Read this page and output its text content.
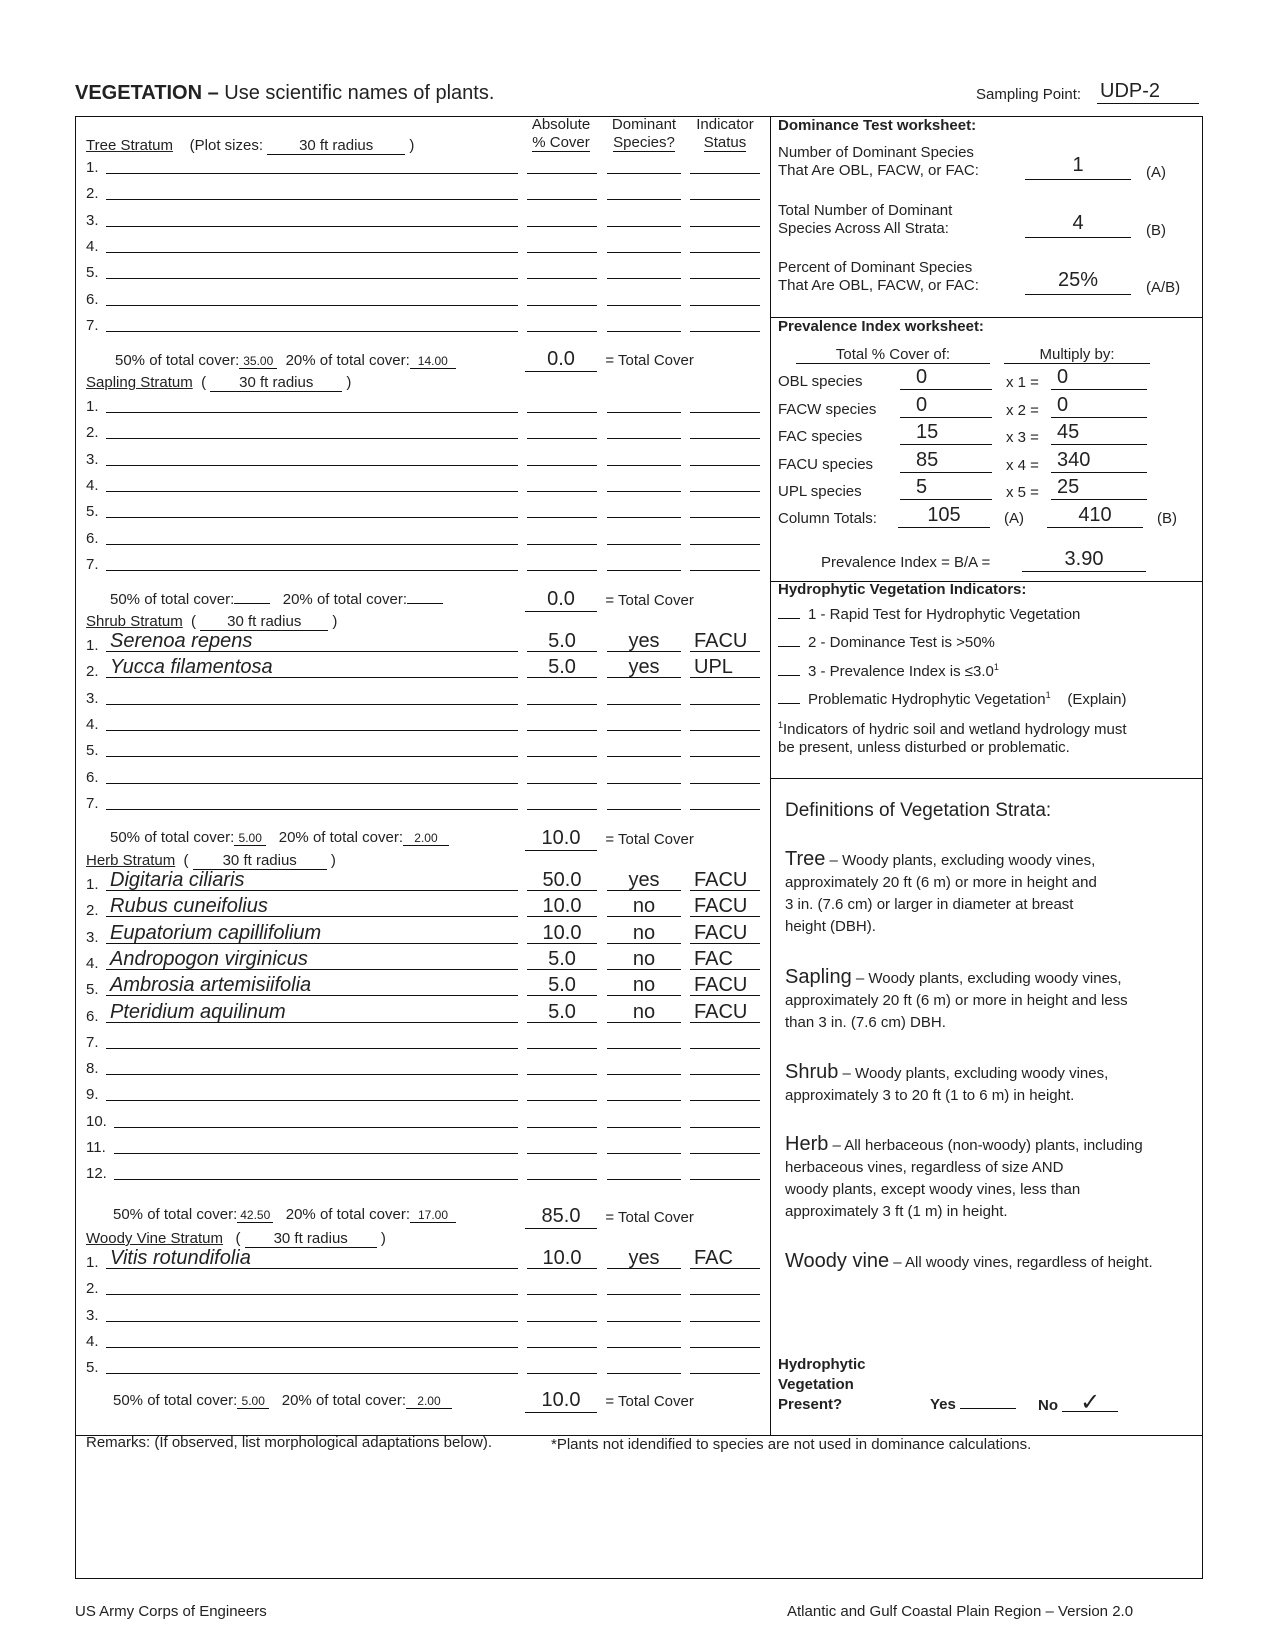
VEGETATION – Use scientific names of plants.	Sampling Point: UDP-2
Absolute
% Cover
Dominant
Species?
Indicator
Status
Tree Stratum (Plot sizes: 30 ft radius )
1.
2.
3.
4.
5.
6.
7.
50% of total cover: 35.00 20% of total cover: 14.00	0.0 = Total Cover
Sapling Stratum  ( 30 ft radius )
1.
2.
3.
4.
5.
6.
7.
50% of total cover:	20% of total cover:	0.0 = Total Cover
Shrub Stratum  ( 30 ft radius )
1. Serenoa repens	5.0	yes	FACU
2. Yucca filamentosa	5.0	yes	UPL
3.
4.
5.
6.
7.
50% of total cover: 5.00 20% of total cover: 2.00	10.0 = Total Cover
Herb Stratum  ( 30 ft radius )
1. Digitaria ciliaris	50.0	yes	FACU
2. Rubus cuneifolius	10.0	no	FACU
3. Eupatorium capillifolium	10.0	no	FACU
4. Andropogon virginicus	5.0	no	FAC
5. Ambrosia artemisiifolia	5.0	no	FACU
6. Pteridium aquilinum	5.0	no	FACU
7.
8.
9.
10.
11.
12.
50% of total cover: 42.50 20% of total cover: 17.00	85.0 = Total Cover
Woody Vine Stratum   ( 30 ft radius )
1. Vitis rotundifolia	10.0	yes	FAC
2.
3.
4.
5.
50% of total cover: 5.00 20% of total cover: 2.00	10.0 = Total Cover
Dominance Test worksheet:
Number of Dominant Species
That Are OBL, FACW, or FAC:	1	(A)
Total Number of Dominant
Species Across All Strata:	4	(B)
Percent of Dominant Species
That Are OBL, FACW, or FAC:	25%	(A/B)
Prevalence Index worksheet:
Total % Cover of:	Multiply by:
OBL species	0	x 1 = 0
FACW species	0	x 2 = 0
FAC species	15	x 3 = 45
FACU species	85	x 4 = 340
UPL species	5	x 5 = 25
Column Totals:	105	(A)	410	(B)
Prevalence Index = B/A =	3.90
Hydrophytic Vegetation Indicators:
1 - Rapid Test for Hydrophytic Vegetation
2 - Dominance Test is >50%
3 - Prevalence Index is $\le 3.0^1$
Problematic Hydrophytic Vegetation$^1$ (Explain)
$^1$Indicators of hydric soil and wetland hydrology must
be present, unless disturbed or problematic.
Definitions of Vegetation Strata:
Tree – Woody plants, excluding woody vines,
approximately 20 ft (6 m) or more in height and
3 in. (7.6 cm) or larger in diameter at breast
height (DBH).
Sapling – Woody plants, excluding woody vines,
approximately 20 ft (6 m) or more in height and less
than 3 in. (7.6 cm) DBH.
Shrub – Woody plants, excluding woody vines,
approximately 3 to 20 ft (1 to 6 m) in height.
Herb – All herbaceous (non-woody) plants, including
herbaceous vines, regardless of size AND
woody plants, except woody vines, less than
approximately 3 ft (1 m) in height.
Woody vine – All woody vines, regardless of height.
Hydrophytic
Vegetation
Present?	Yes	No ✓
Remarks: (If observed, list morphological adaptations below).	*Plants not idendified to species are not used in dominance calculations.
US Army Corps of Engineers	Atlantic and Gulf Coastal Plain Region – Version 2.0
